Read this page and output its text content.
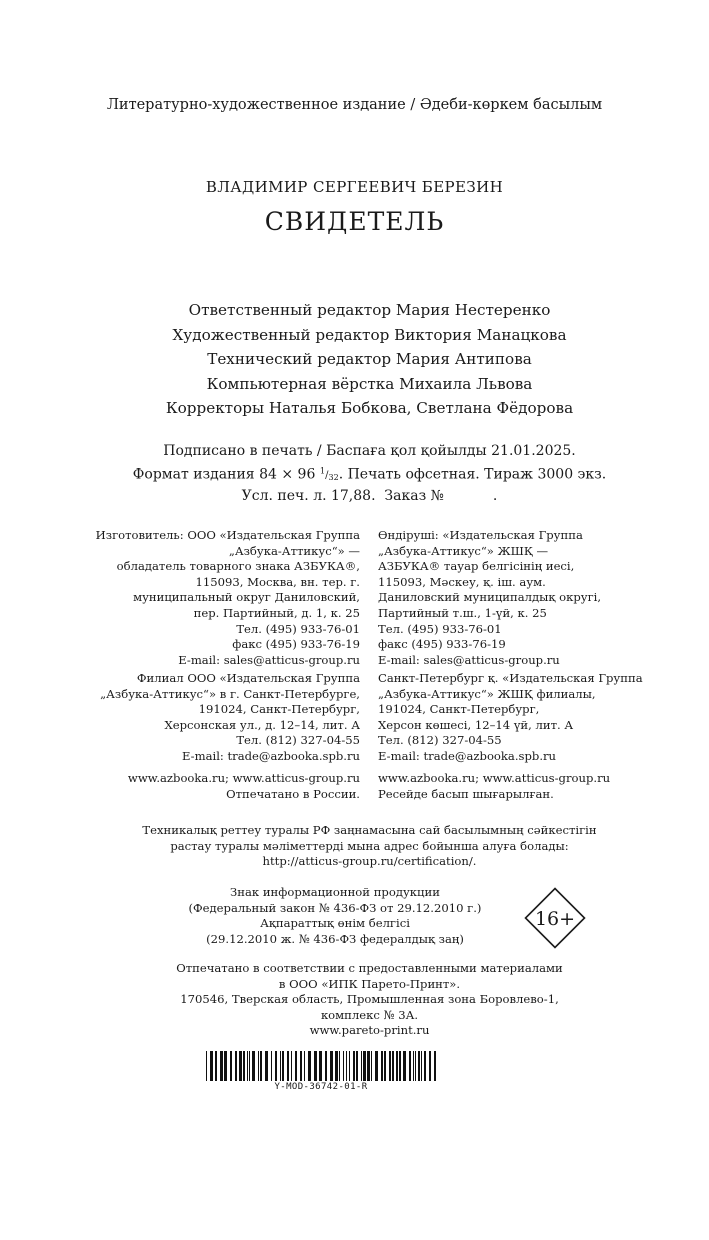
Литературно-художественное издание / Әдеби-көркем басылым
ВЛАДИМИР СЕРГЕЕВИЧ БЕРЕЗИН
СВИДЕТЕЛЬ
Ответственный редактор Мария Нестеренко
Художественный редактор Виктория Манацкова
Технический редактор Мария Антипова
Компьютерная вёрстка Михаила Львова
Корректоры Наталья Бобкова, Светлана Фёдорова
Подписано в печать / Баспаға қол қойылды 21.01.2025.
Формат издания 84 × 96 $^1/_{32}$. Печать офсетная. Тираж 3000 экз.
Усл. печ. л. 17,88.  Заказ №           .
Изготовитель: ООО «Издательская Группа
„Азбука-Аттикус“» —
обладатель товарного знака АЗБУКА®,
115093, Москва, вн. тер. г.
муниципальный округ Даниловский,
пер. Партийный, д. 1, к. 25
Тел. (495) 933-76-01
факс (495) 933-76-19
E-mail: sales@atticus-group.ru
Өндіруші: «Издательская Группа
„Азбука-Аттикус“» ЖШҚ —
АЗБУКА® тауар белгісінің иесі,
115093, Мәскеу, қ. іш. аум.
Даниловский муниципалдық округі,
Партийный т.ш., 1-үй, к. 25
Тел. (495) 933-76-01
факс (495) 933-76-19
E-mail: sales@atticus-group.ru
Филиал ООО «Издательская Группа
„Азбука-Аттикус“» в г. Санкт-Петербурге,
191024, Санкт-Петербург,
Херсонская ул., д. 12–14, лит. А
Тел. (812) 327-04-55
E-mail: trade@azbooka.spb.ru
Санкт-Петербург қ. «Издательская Группа
„Азбука-Аттикус“» ЖШҚ филиалы,
191024, Санкт-Петербург,
Херсон көшесі, 12–14 үй, лит. А
Тел. (812) 327-04-55
E-mail: trade@azbooka.spb.ru
www.azbooka.ru; www.atticus-group.ru
Отпечатано в России.
www.azbooka.ru; www.atticus-group.ru
Ресейде басып шығарылған.
Техникалық реттеу туралы РФ заңнамасына сай басылымның сәйкестігін
растау туралы мәліметтерді мына адрес бойынша алуға болады:
http://atticus-group.ru/certification/.
Знак информационной продукции
(Федеральный закон № 436-ФЗ от 29.12.2010 г.)
Ақпараттық өнім белгісі
(29.12.2010 ж. № 436-ФЗ федералдық заң)
16+
Отпечатано в соответствии с предоставленными материалами
в ООО «ИПК Парето-Принт».
170546, Тверская область, Промышленная зона Боровлево-1,
комплекс № 3А.
www.pareto-print.ru
Y-MOD-36742-01-R
